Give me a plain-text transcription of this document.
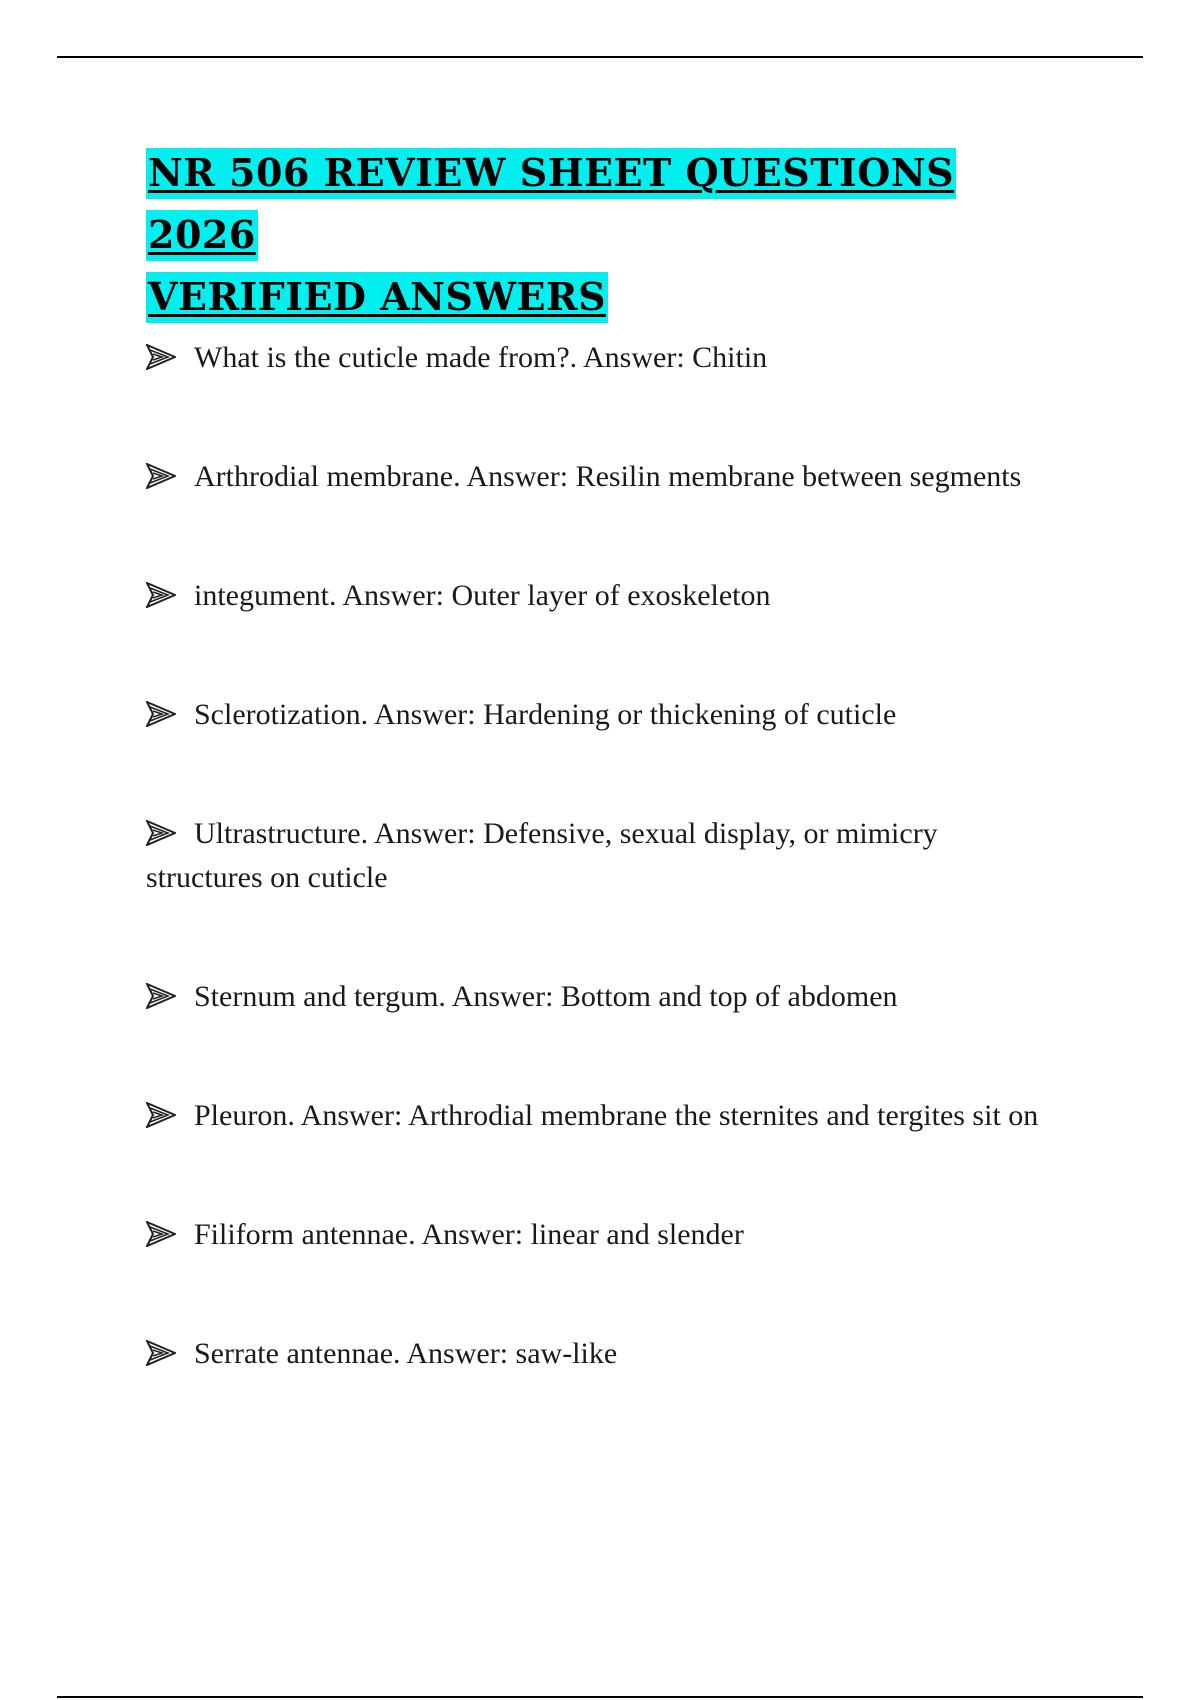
NR 506 REVIEW SHEET QUESTIONS 2026
VERIFIED ANSWERS
What is the cuticle made from?. Answer: Chitin
Arthrodial membrane. Answer: Resilin membrane between segments
integument. Answer: Outer layer of exoskeleton
Sclerotization. Answer: Hardening or thickening of cuticle
Ultrastructure. Answer: Defensive, sexual display, or mimicry structures on cuticle
Sternum and tergum. Answer: Bottom and top of abdomen
Pleuron. Answer: Arthrodial membrane the sternites and tergites sit on
Filiform antennae. Answer: linear and slender
Serrate antennae. Answer: saw-like
